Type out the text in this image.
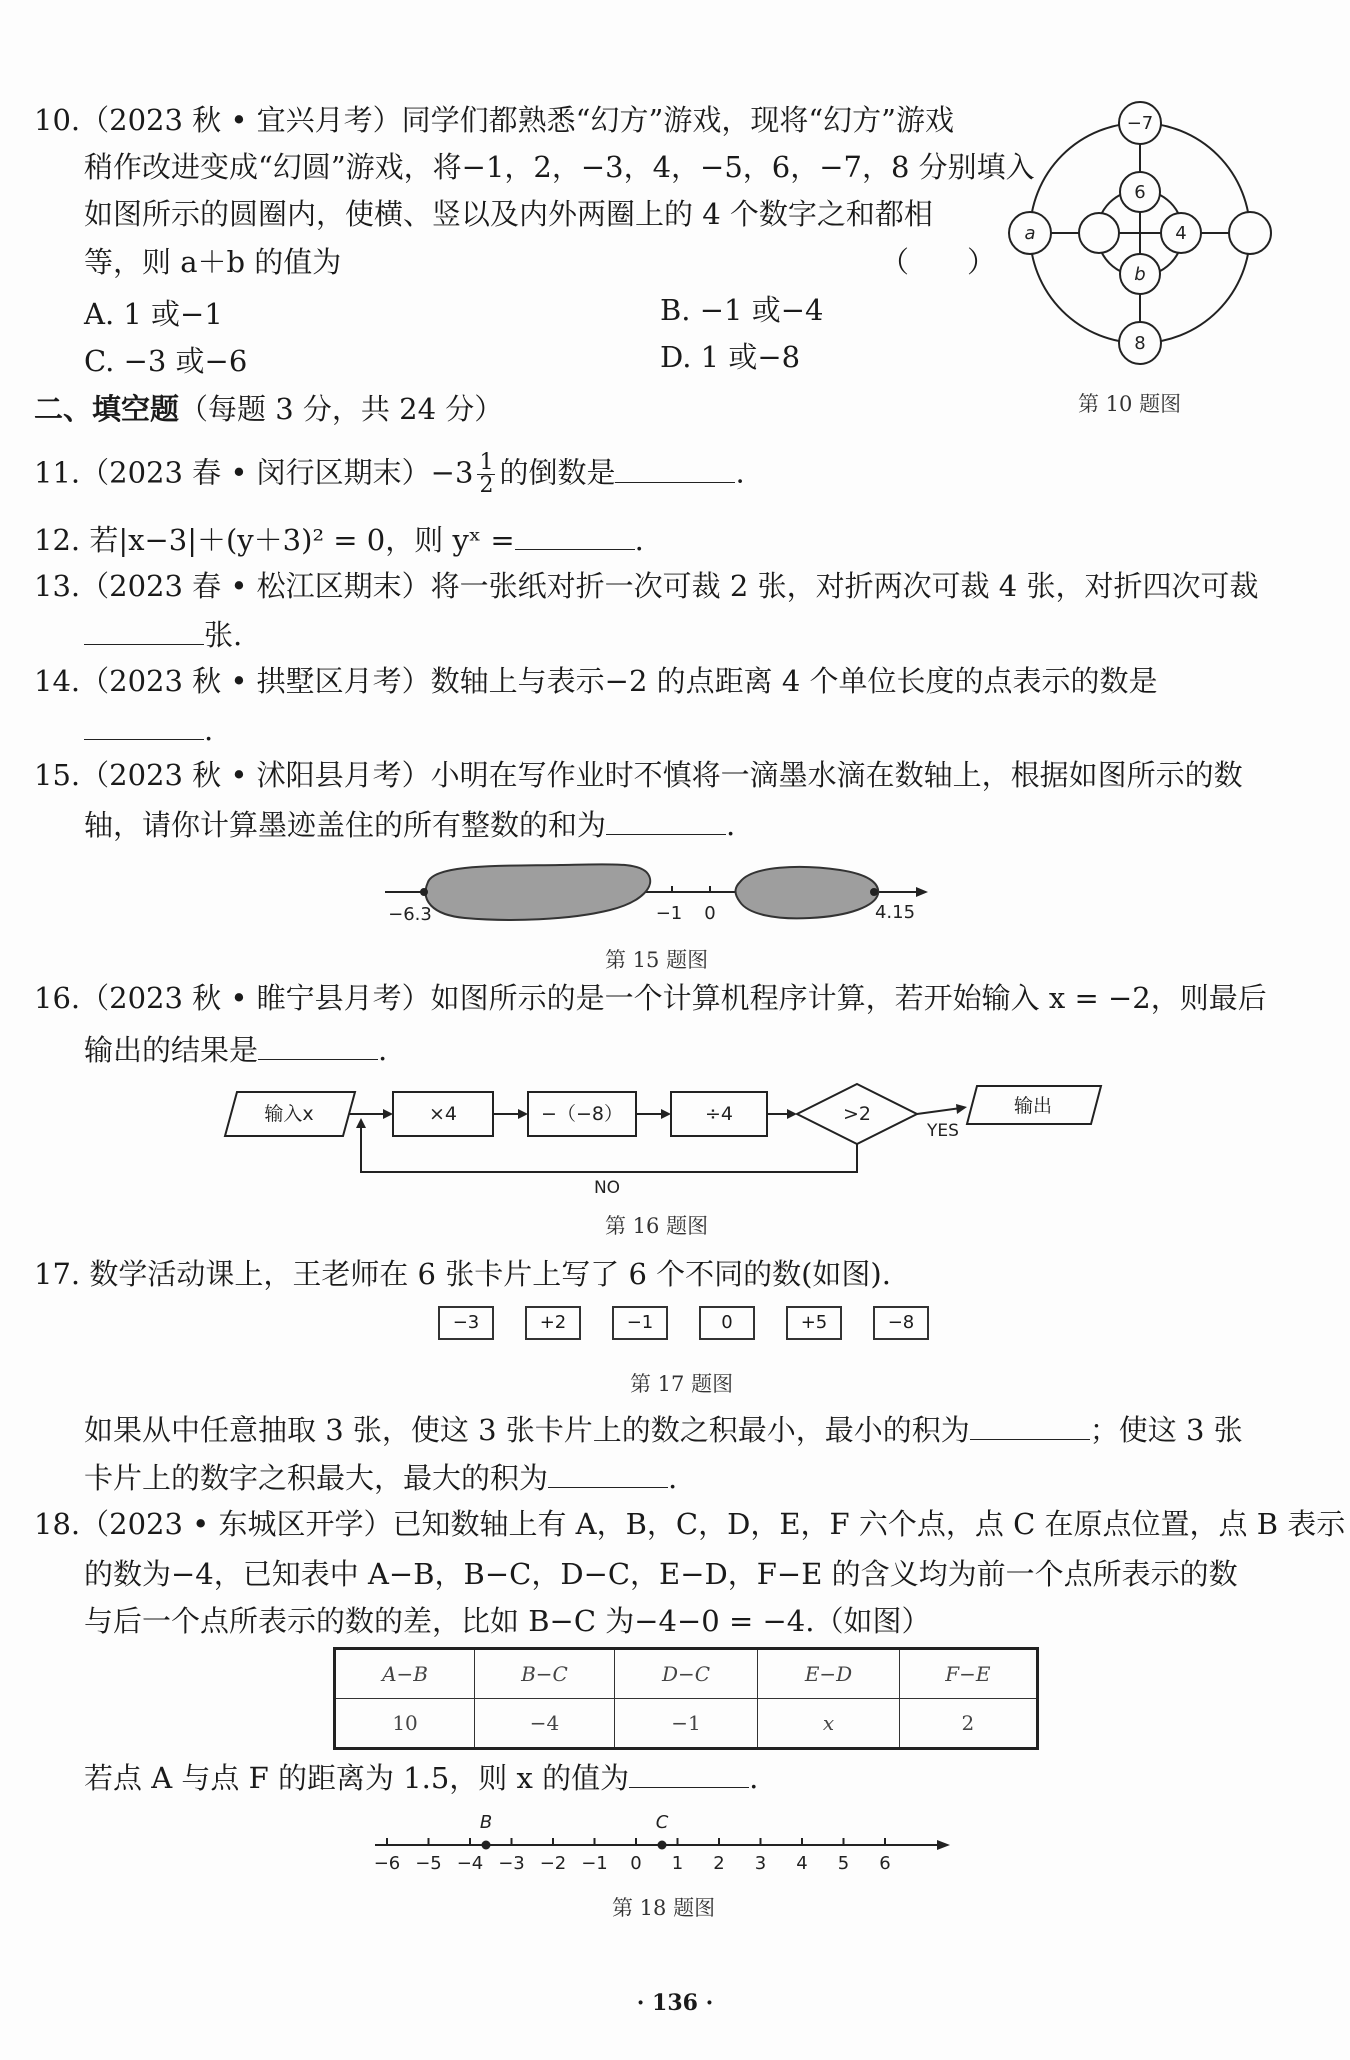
10.（2023 秋 • 宜兴月考）同学们都熟悉“幻方”游戏，现将“幻方”游戏
稍作改进变成“幻圆”游戏，将−1，2，−3，4，−5，6，−7，8 分别填入
如图所示的圆圈内，使横、竖以及内外两圈上的 4 个数字之和都相
等，则 a＋b 的值为	（　　）
A. 1 或−1	B. −1 或−4
C. −3 或−6	D. 1 或−8
−7
6
4
b
a
8
第 10 题图
二、填空题（每题 3 分，共 24 分）
11.（2023 春 • 闵行区期末）$-3 \frac{1}{2}$ 的倒数是	.
12. 若|x−3|＋(y＋3)² = 0，则 yˣ =	.
13.（2023 春 • 松江区期末）将一张纸对折一次可裁 2 张，对折两次可裁 4 张，对折四次可裁
张.
14.（2023 秋 • 拱墅区月考）数轴上与表示−2 的点距离 4 个单位长度的点表示的数是
.
15.（2023 秋 • 沭阳县月考）小明在写作业时不慎将一滴墨水滴在数轴上，根据如图所示的数
轴，请你计算墨迹盖住的所有整数的和为	.
−6.3	−1 0	4.15
第 15 题图
16.（2023 秋 • 睢宁县月考）如图所示的是一个计算机程序计算，若开始输入 x = −2，则最后
输出的结果是	.
输入x	×4	−（−8）	÷4	>2	输出
YES
NO
第 16 题图
17. 数学活动课上，王老师在 6 张卡片上写了 6 个不同的数(如图).
−3	+2	−1	0	+5	−8
第 17 题图
如果从中任意抽取 3 张，使这 3 张卡片上的数之积最小，最小的积为	；使这 3 张
卡片上的数字之积最大，最大的积为	.
18.（2023 • 东城区开学）已知数轴上有 A，B，C，D，E，F 六个点，点 C 在原点位置，点 B 表示
的数为−4，已知表中 A−B，B−C，D−C，E−D，F−E 的含义均为前一个点所表示的数
与后一个点所表示的数的差，比如 B−C 为−4−0 = −4.（如图）
A−B	B−C	D−C	E−D	F−E
10	−4	−1	x	2
若点 A 与点 F 的距离为 1.5，则 x 的值为	.
−6 −5 −4 −3 −2 −1 0 1 2 3 4 5 6
B	C
第 18 题图
· 136 ·
